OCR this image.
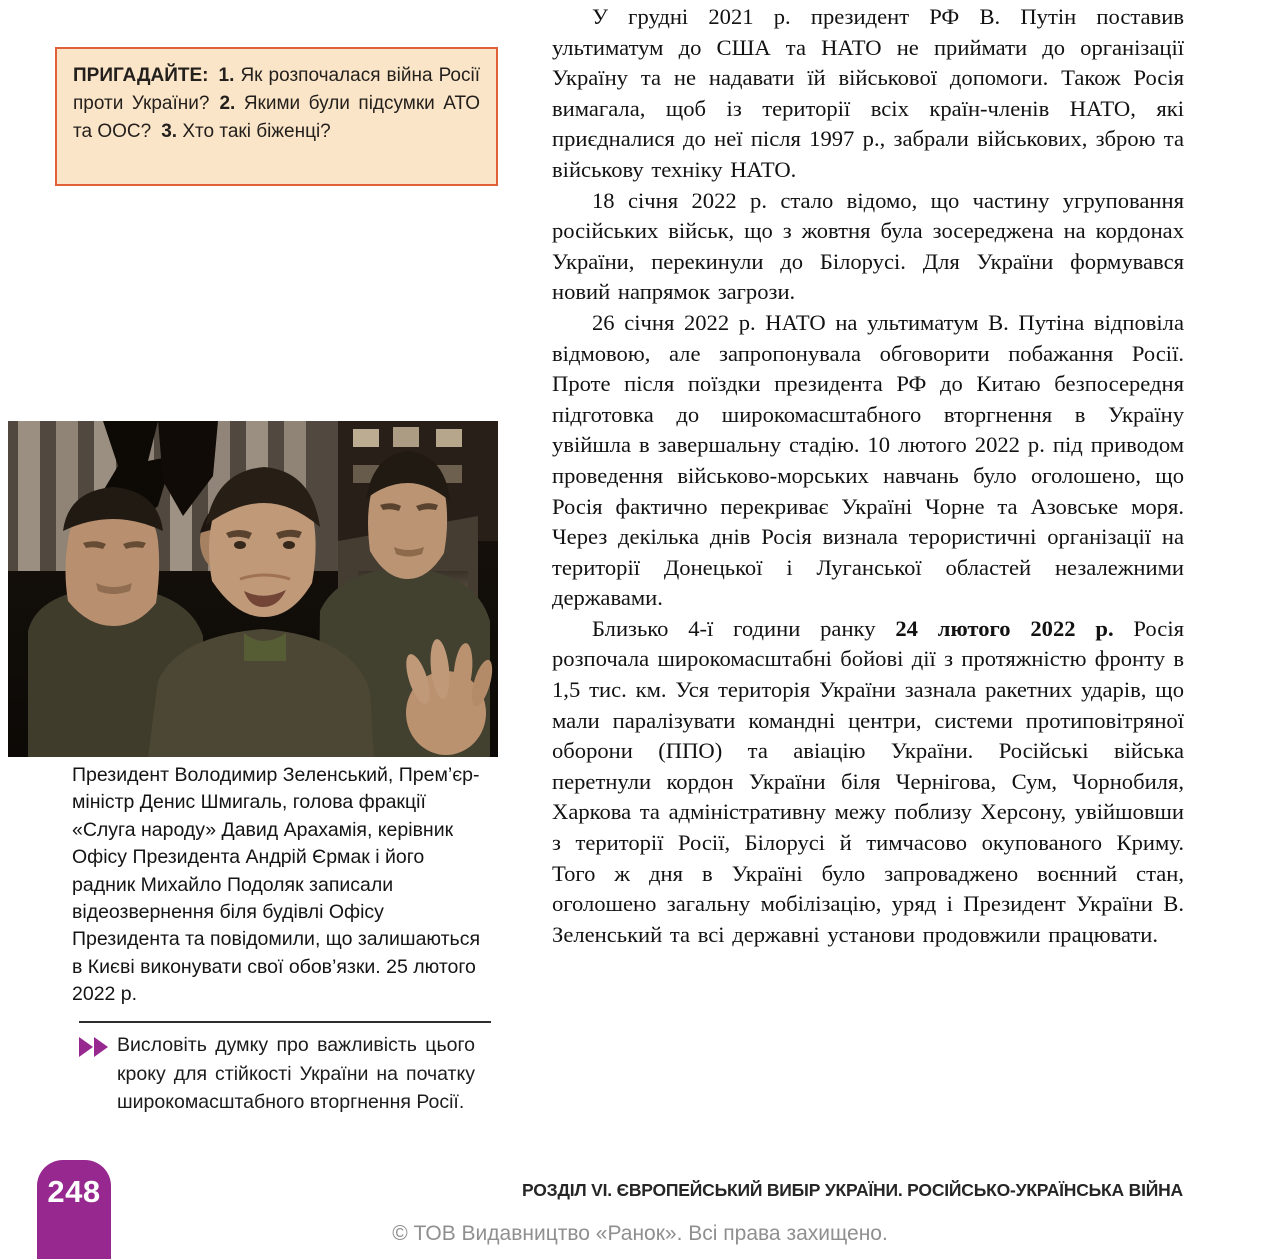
ПРИГАДАЙТЕ: 1. Як розпочалася війна Росії проти України? 2. Якими були підсумки АТО та ООС? 3. Хто такі біженці?

Президент Володимир Зеленський, Прем’єр-міністр Денис Шмигаль, голова фракції «Слуга народу» Давид Арахамія, керівник Офісу Президента Андрій Єрмак і його радник Михайло Подоляк записали відеозвернення біля будівлі Офісу Президента та повідомили, що залишаються в Києві виконувати свої обов’язки. 25 лютого 2022 р.
Висловіть думку про важливість цього кроку для стійкості України на початку широкомасштабного вторгнення Росії.

У грудні 2021 р. президент РФ В. Путін поставив ультиматум до США та НАТО не приймати до організації Україну та не надавати їй військової допомоги. Також Росія вимагала, щоб із території всіх країн-членів НАТО, які приєдналися до неї після 1997 р., забрали військових, зброю та військову техніку НАТО.

18 січня 2022 р. стало відомо, що частину угруповання російських військ, що з жовтня була зосереджена на кордонах України, перекинули до Білорусі. Для України формувався новий напрямок загрози.

26 січня 2022 р. НАТО на ультиматум В. Путіна відповіла відмовою, але запропонувала обговорити побажання Росії. Проте після поїздки президента РФ до Китаю безпосередня підготовка до широкомасштабного вторгнення в Україну увійшла в завершальну стадію. 10 лютого 2022 р. під приводом проведення військово-морських навчань було оголошено, що Росія фактично перекриває Україні Чорне та Азовське моря. Через декілька днів Росія визнала терористичні організації на території Донецької і Луганської областей незалежними державами.

Близько 4-ї години ранку 24 лютого 2022 р. Росія розпочала широкомасштабні бойові дії з протяжністю фронту в 1,5 тис. км. Уся територія України зазнала ракетних ударів, що мали паралізувати командні центри, системи протиповітряної оборони (ППО) та авіацію України. Російські війська перетнули кордон України біля Чернігова, Сум, Чорнобиля, Харкова та адміністративну межу поблизу Херсону, увійшовши з території Росії, Білорусі й тимчасово окупованого Криму. Того ж дня в Україні було запроваджено воєнний стан, оголошено загальну мобілізацію, уряд і Президент України В. Зеленський та всі державні установи продовжили працювати.

248	РОЗДІЛ VI. ЄВРОПЕЙСЬКИЙ ВИБІР УКРАЇНИ. РОСІЙСЬКО-УКРАЇНСЬКА ВІЙНА
© ТОВ Видавництво «Ранок». Всі права захищено.
